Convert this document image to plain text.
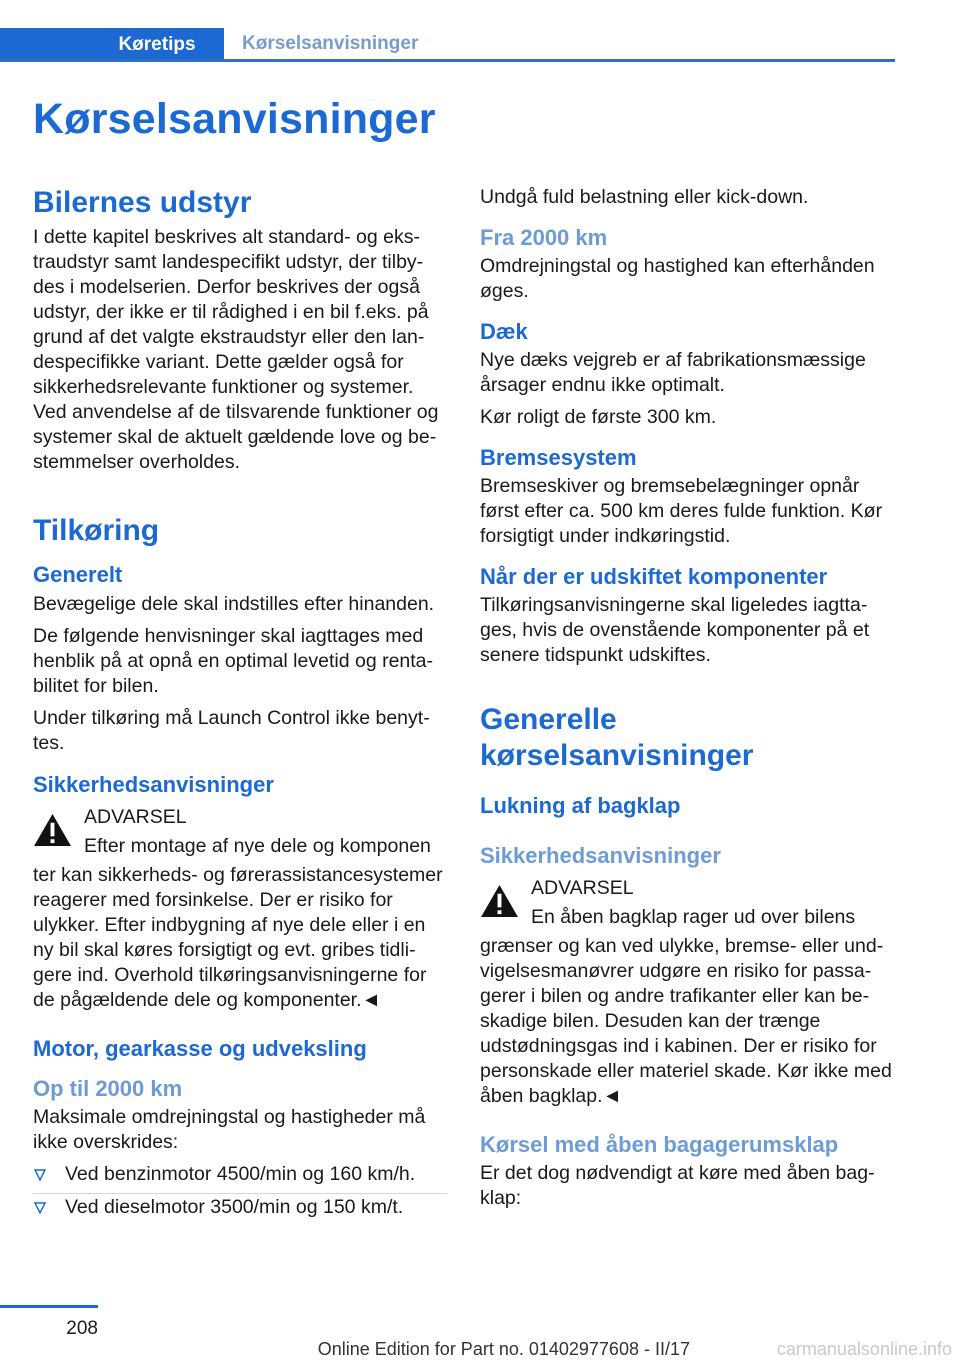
Køretips	Kørselsanvisninger
Kørselsanvisninger
Bilernes udstyr

I dette kapitel beskrives alt standard- og ekstraudstyr samt landespecifikt udstyr, der tilbydes i modelserien. Derfor beskrives der også udstyr, der ikke er til rådighed i en bil f.eks. på grund af det valgte ekstraudstyr eller den landespecifikke variant. Dette gælder også for sikkerhedsrelevante funktioner og systemer. Ved anvendelse af de tilsvarende funktioner og systemer skal de aktuelt gældende love og bestemmelser overholdes.

Tilkøring
Generelt

Bevægelige dele skal indstilles efter hinanden.

De følgende henvisninger skal iagttages med henblik på at opnå en optimal levetid og rentabilitet for bilen.

Under tilkøring må Launch Control ikke benyttes.

Sikkerhedsanvisninger

ADVARSEL

Efter montage af nye dele og komponen

ter kan sikkerheds- og førerassistancesystemer reagerer med forsinkelse. Der er risiko for ulykker. Efter indbygning af nye dele eller i en ny bil skal køres forsigtigt og evt. gribes tidligere ind. Overhold tilkøringsanvisningerne for de pågældende dele og komponenter.◄

Motor, gearkasse og udveksling
Op til 2000 km

Maksimale omdrejningstal og hastigheder må ikke overskrides:

Ved benzinmotor 4500/min og 160 km/h.
Ved dieselmotor 3500/min og 150 km/t.

Undgå fuld belastning eller kick-down.

Fra 2000 km

Omdrejningstal og hastighed kan efterhånden øges.

Dæk

Nye dæks vejgreb er af fabrikationsmæssige årsager endnu ikke optimalt.

Kør roligt de første 300 km.

Bremsesystem

Bremseskiver og bremsebelægninger opnår først efter ca. 500 km deres fulde funktion. Kør forsigtigt under indkøringstid.

Når der er udskiftet komponenter

Tilkøringsanvisningerne skal ligeledes iagttages, hvis de ovenstående komponenter på et senere tidspunkt udskiftes.

Generelle kørselsanvisninger
Lukning af bagklap
Sikkerhedsanvisninger

ADVARSEL

En åben bagklap rager ud over bilens

grænser og kan ved ulykke, bremse- eller undvigelsesmanøvrer udgøre en risiko for passagerer i bilen og andre trafikanter eller kan beskadige bilen. Desuden kan der trænge udstødningsgas ind i kabinen. Der er risiko for personskade eller materiel skade. Kør ikke med åben bagklap.◄

Kørsel med åben bagagerumsklap

Er det dog nødvendigt at køre med åben bagklap:

208
Online Edition for Part no. 01402977608 - II/17	carmanualsonline.info
